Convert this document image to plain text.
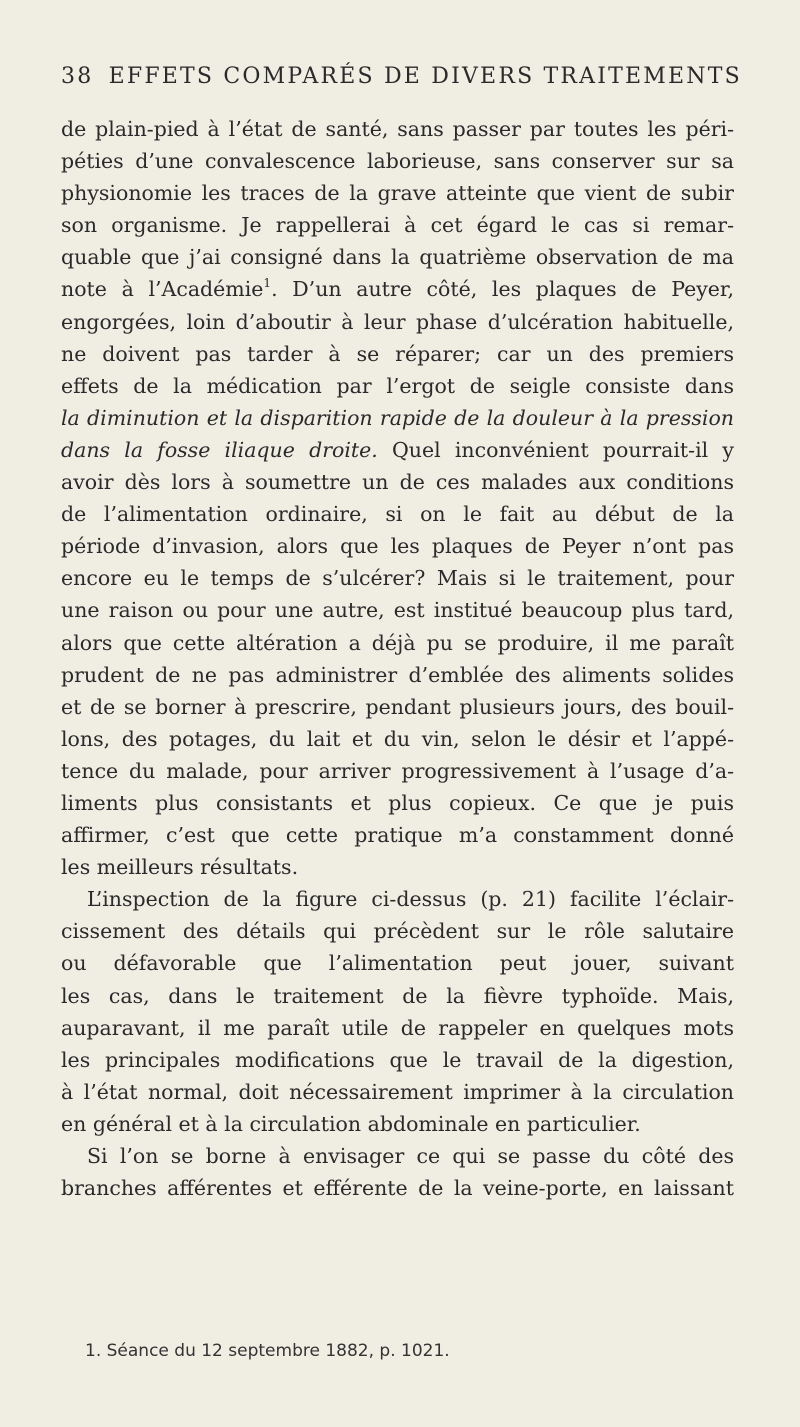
38 EFFETS COMPARÉS DE DIVERS TRAITEMENTS
de plain-pied à l’état de santé, sans passer par toutes les péri-
péties d’une convalescence laborieuse, sans conserver sur sa
physionomie les traces de la grave atteinte que vient de subir
son organisme. Je rappellerai à cet égard le cas si remar-
quable que j’ai consigné dans la quatrième observation de ma
note à l’Académie$^1$. D’un autre côté, les plaques de Peyer,
engorgées, loin d’aboutir à leur phase d’ulcération habituelle,
ne doivent pas tarder à se réparer; car un des premiers
effets de la médication par l’ergot de seigle consiste dans
la diminution et la disparition rapide de la douleur à la pression
dans la fosse iliaque droite. Quel inconvénient pourrait-il y
avoir dès lors à soumettre un de ces malades aux conditions
de l’alimentation ordinaire, si on le fait au début de la
période d’invasion, alors que les plaques de Peyer n’ont pas
encore eu le temps de s’ulcérer? Mais si le traitement, pour
une raison ou pour une autre, est institué beaucoup plus tard,
alors que cette altération a déjà pu se produire, il me paraît
prudent de ne pas administrer d’emblée des aliments solides
et de se borner à prescrire, pendant plusieurs jours, des bouil-
lons, des potages, du lait et du vin, selon le désir et l’appé-
tence du malade, pour arriver progressivement à l’usage d’a-
liments plus consistants et plus copieux. Ce que je puis
affirmer, c’est que cette pratique m’a constamment donné
les meilleurs résultats.
L’inspection de la figure ci-dessus (p. 21) facilite l’éclair-
cissement des détails qui précèdent sur le rôle salutaire
ou défavorable que l’alimentation peut jouer, suivant
les cas, dans le traitement de la fièvre typhoïde. Mais,
auparavant, il me paraît utile de rappeler en quelques mots
les principales modifications que le travail de la digestion,
à l’état normal, doit nécessairement imprimer à la circulation
en général et à la circulation abdominale en particulier.
Si l’on se borne à envisager ce qui se passe du côté des
branches afférentes et efférente de la veine-porte, en laissant
1. Séance du 12 septembre 1882, p. 1021.
